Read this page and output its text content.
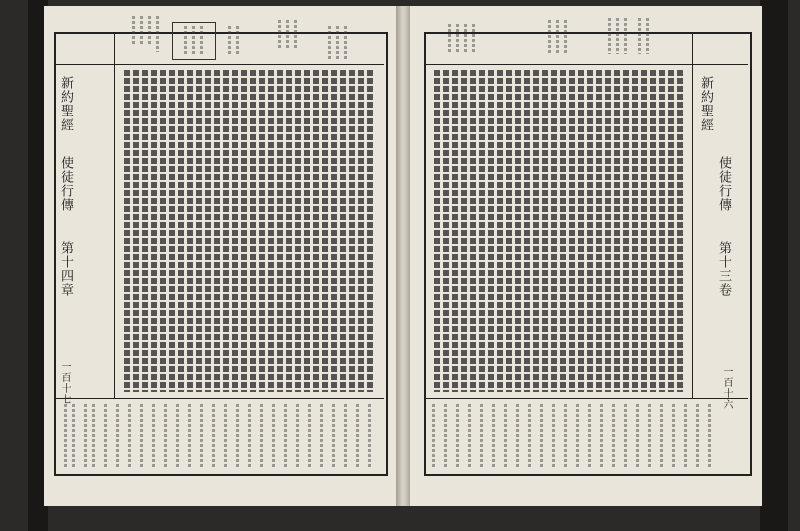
新約聖經
使徒行傳
第十四章
一百十七
新約聖經
使徒行傳
第十三卷
一百十六
